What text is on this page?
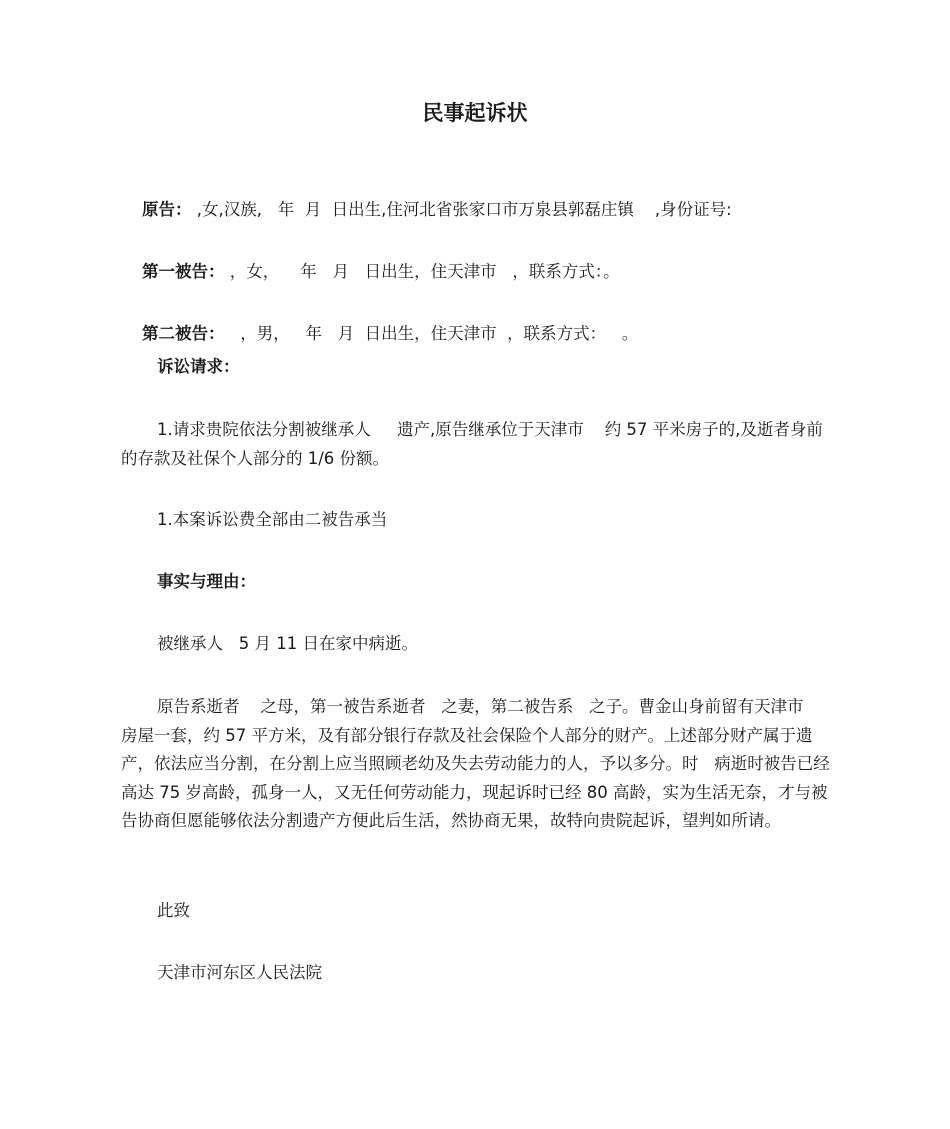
民事起诉状

原告： ,女,汉族,   年  月  日出生,住河北省张家口市万泉县郭磊庄镇    ,身份证号:

第一被告： ，女，    年   月   日出生，住天津市   ，联系方式：。

第二被告：   ，男，   年   月  日出生，住天津市  ，联系方式：   。

诉讼请求：
1.请求贵院依法分割被继承人     遗产,原告继承位于天津市    约 57 平米房子的,及逝者身前的存款及社保个人部分的 1/6 份额。
1.本案诉讼费全部由二被告承当
事实与理由：
被继承人   5 月 11 日在家中病逝。
原告系逝者    之母，第一被告系逝者   之妻，第二被告系   之子。曹金山身前留有天津市   房屋一套，约 57 平方米，及有部分银行存款及社会保险个人部分的财产。上述部分财产属于遗产，依法应当分割，在分割上应当照顾老幼及失去劳动能力的人，予以多分。时   病逝时被告已经高达 75 岁高龄，孤身一人，又无任何劳动能力，现起诉时已经 80 高龄，实为生活无奈，才与被告协商但愿能够依法分割遗产方便此后生活，然协商无果，故特向贵院起诉，望判如所请。
此致
天津市河东区人民法院
